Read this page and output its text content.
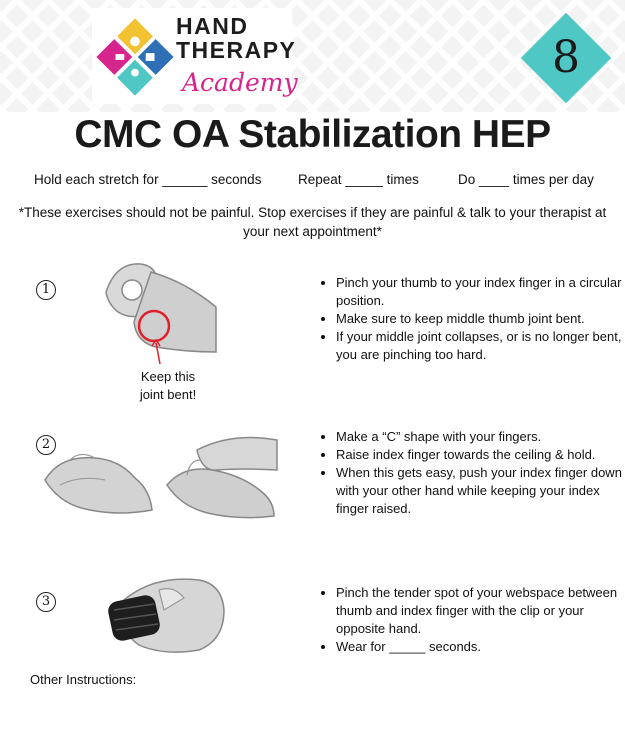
HAND
THERAPY
Academy	8
CMC OA Stabilization HEP
Hold each stretch for ______ seconds	Repeat _____ times	Do ____ times per day
*These exercises should not be painful. Stop exercises if they are painful & talk to your therapist at your next appointment*
1
Keep this joint bent!
• Pinch your thumb to your index finger in a circular position.
• Make sure to keep middle thumb joint bent.
• If your middle joint collapses, or is no longer bent, you are pinching too hard.
2
• Make a “C” shape with your fingers.
• Raise index finger towards the ceiling & hold.
• When this gets easy, push your index finger down with your other hand while keeping your index finger raised.
3
• Pinch the tender spot of your webspace between thumb and index finger with the clip or your opposite hand.
• Wear for _____ seconds.
Other Instructions:
